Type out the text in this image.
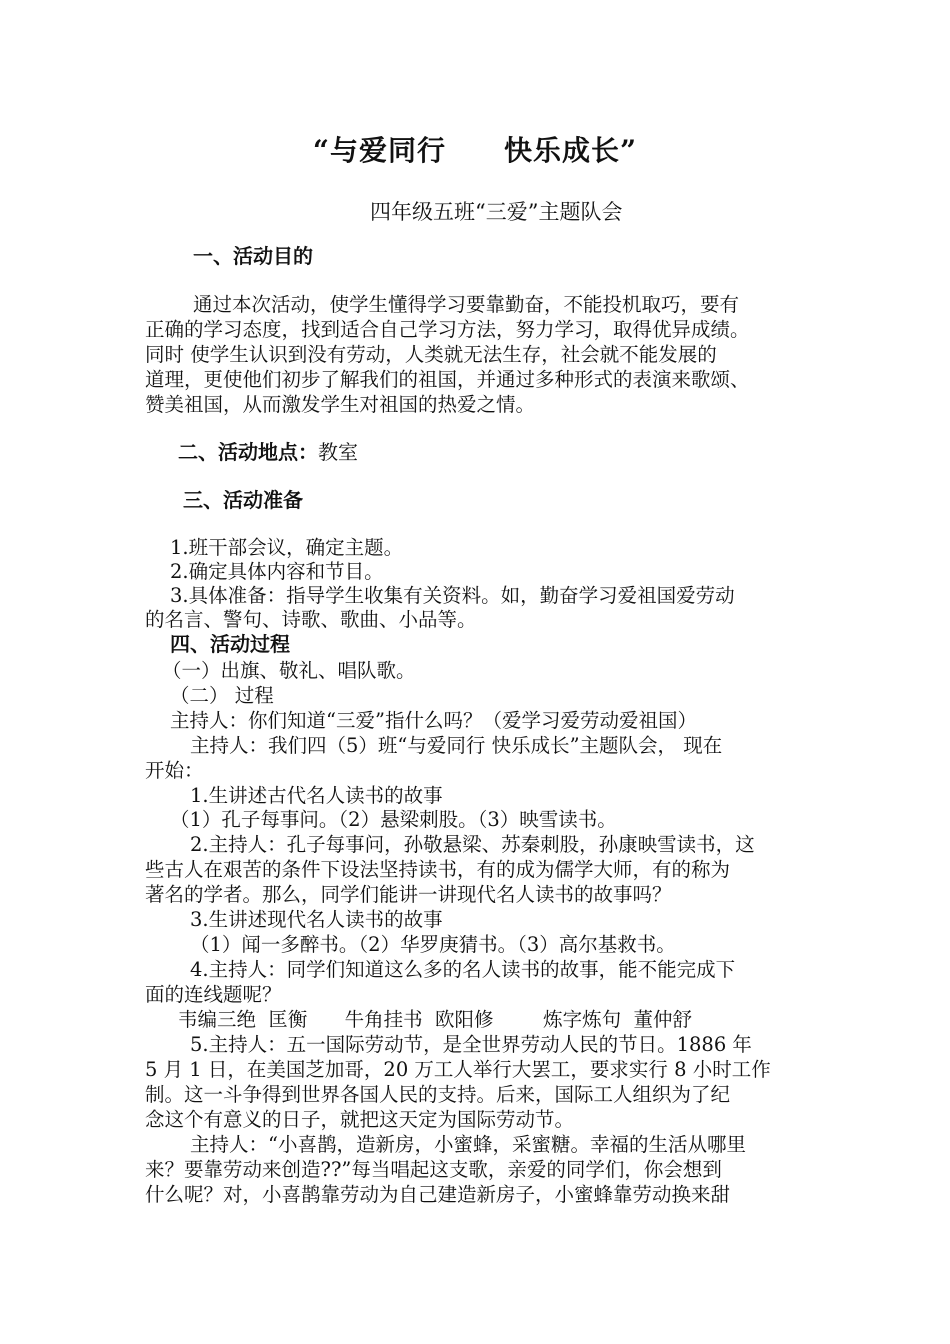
“与爱同行　　快乐成长”
四年级五班“三爱”主题队会
一、活动目的
通过本次活动，使学生懂得学习要靠勤奋，不能投机取巧，要有
正确的学习态度，找到适合自己学习方法，努力学习，取得优异成绩。
同时 使学生认识到没有劳动，人类就无法生存，社会就不能发展的
道理，更使他们初步了解我们的祖国，并通过多种形式的表演来歌颂、
赞美祖国，从而激发学生对祖国的热爱之情。
二、活动地点：教室
三、活动准备
1.班干部会议，确定主题。
2.确定具体内容和节目。
3.具体准备：指导学生收集有关资料。如，勤奋学习爱祖国爱劳动
的名言、警句、诗歌、歌曲、小品等。
四、活动过程
（一）出旗、敬礼、唱队歌。
（二） 过程
主持人：你们知道“三爱”指什么吗？（爱学习爱劳动爱祖国）
主持人：我们四（5）班“与爱同行 快乐成长”主题队会， 现在
开始：
1.生讲述古代名人读书的故事
（1）孔子每事问。（2）悬梁刺股。（3）映雪读书。
2.主持人：孔子每事问，孙敬悬梁、苏秦刺股，孙康映雪读书，这
些古人在艰苦的条件下设法坚持读书，有的成为儒学大师，有的称为
著名的学者。那么，同学们能讲一讲现代名人读书的故事吗？
3.生讲述现代名人读书的故事
（1）闻一多醉书。（2）华罗庚猜书。（3）高尔基救书。
4.主持人：同学们知道这么多的名人读书的故事，能不能完成下
面的连线题呢？
韦编三绝  匡衡      牛角挂书  欧阳修        炼字炼句  董仲舒
5.主持人：五一国际劳动节，是全世界劳动人民的节日。1886 年
5 月 1 日，在美国芝加哥，20 万工人举行大罢工，要求实行 8 小时工作
制。这一斗争得到世界各国人民的支持。后来，国际工人组织为了纪
念这个有意义的日子，就把这天定为国际劳动节。
主持人：“小喜鹊，造新房，小蜜蜂，采蜜糖。幸福的生活从哪里
来？要靠劳动来创造??”每当唱起这支歌，亲爱的同学们，你会想到
什么呢？对，小喜鹊靠劳动为自己建造新房子，小蜜蜂靠劳动换来甜
